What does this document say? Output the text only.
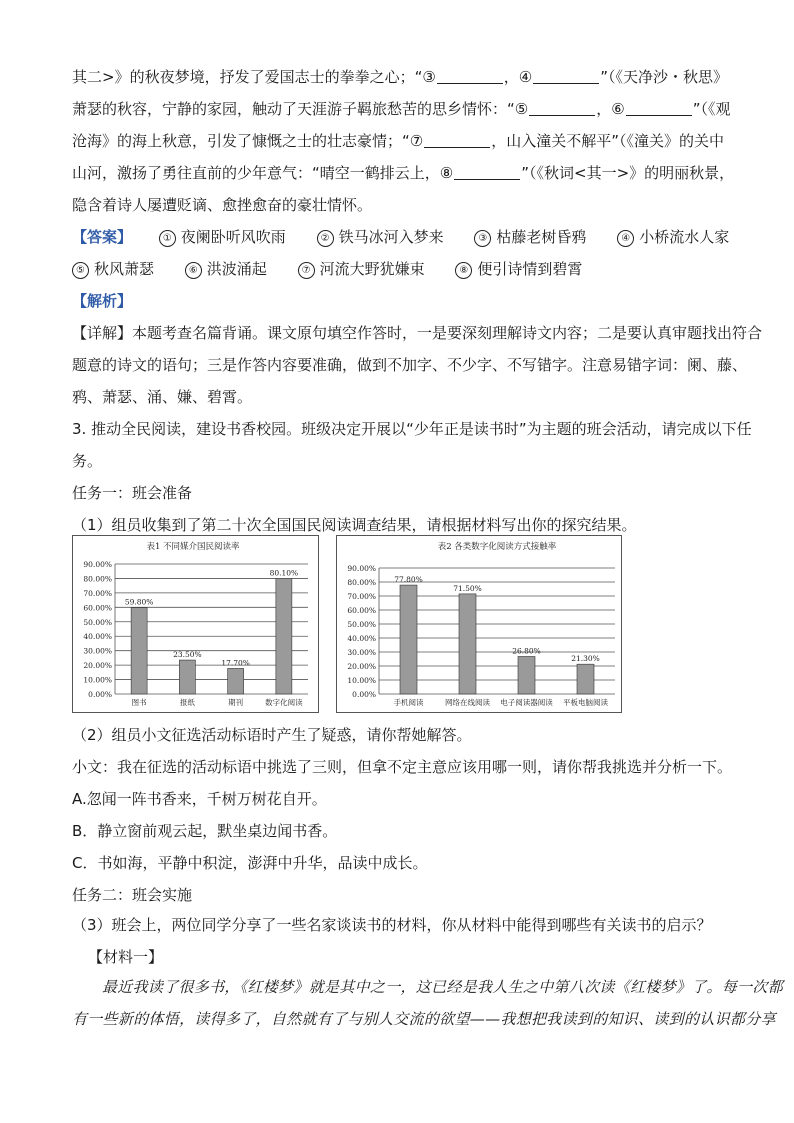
其二>》的秋夜梦境，抒发了爱国志士的拳拳之心；“③	，④	”（《天净沙・秋思》
萧瑟的秋容，宁静的家园，触动了天涯游子羁旅愁苦的思乡情怀：“⑤	，⑥	”（《观
沧海》的海上秋意，引发了慷慨之士的壮志豪情；“⑦	，山入潼关不解平”（《潼关》的关中
山河，激扬了勇往直前的少年意气：“晴空一鹤排云上，⑧	”（《秋词<其一>》的明丽秋景，
隐含着诗人屡遭贬谪、愈挫愈奋的豪壮情怀。
【答案】	① 夜阑卧听风吹雨	② 铁马冰河入梦来	③ 枯藤老树昏鸦	④ 小桥流水人家
⑤ 秋风萧瑟	⑥ 洪波涌起	⑦ 河流大野犹嫌束	⑧ 便引诗情到碧霄
【解析】
【详解】本题考查名篇背诵。课文原句填空作答时，一是要深刻理解诗文内容；二是要认真审题找出符合
题意的诗文的语句；三是作答内容要准确，做到不加字、不少字、不写错字。注意易错字词：阑、藤、
鸦、萧瑟、涌、嫌、碧霄。
3. 推动全民阅读，建设书香校园。班级决定开展以“少年正是读书时”为主题的班会活动，请完成以下任
务。
任务一：班会准备
（1）组员收集到了第二十次全国国民阅读调查结果，请根据材料写出你的探究结果。
表1 不同媒介国民阅读率
0.00%
10.00%
20.00%
30.00%
40.00%
50.00%
60.00%
70.00%
80.00%
90.00%
59.80%
图书
23.50%
报纸
17.70%
期刊
80.10%
数字化阅读
表2 各类数字化阅读方式接触率
0.00%
10.00%
20.00%
30.00%
40.00%
50.00%
60.00%
70.00%
80.00%
90.00%
77.80%
手机阅读
71.50%
网络在线阅读
26.80%
电子阅读器阅读
21.30%
平板电脑阅读
（2）组员小文征选活动标语时产生了疑惑，请你帮她解答。
小文：我在征选的活动标语中挑选了三则，但拿不定主意应该用哪一则，请你帮我挑选并分析一下。
A.忽闻一阵书香来，千树万树花自开。
B．静立窗前观云起，默坐桌边闻书香。
C．书如海，平静中积淀，澎湃中升华，品读中成长。
任务二：班会实施
（3）班会上，两位同学分享了一些名家谈读书的材料，你从材料中能得到哪些有关读书的启示？
【材料一】
最近我读了很多书，《红楼梦》就是其中之一，这已经是我人生之中第八次读《红楼梦》了。每一次都
有一些新的体悟，读得多了，自然就有了与别人交流的欲望——我想把我读到的知识、读到的认识都分享
